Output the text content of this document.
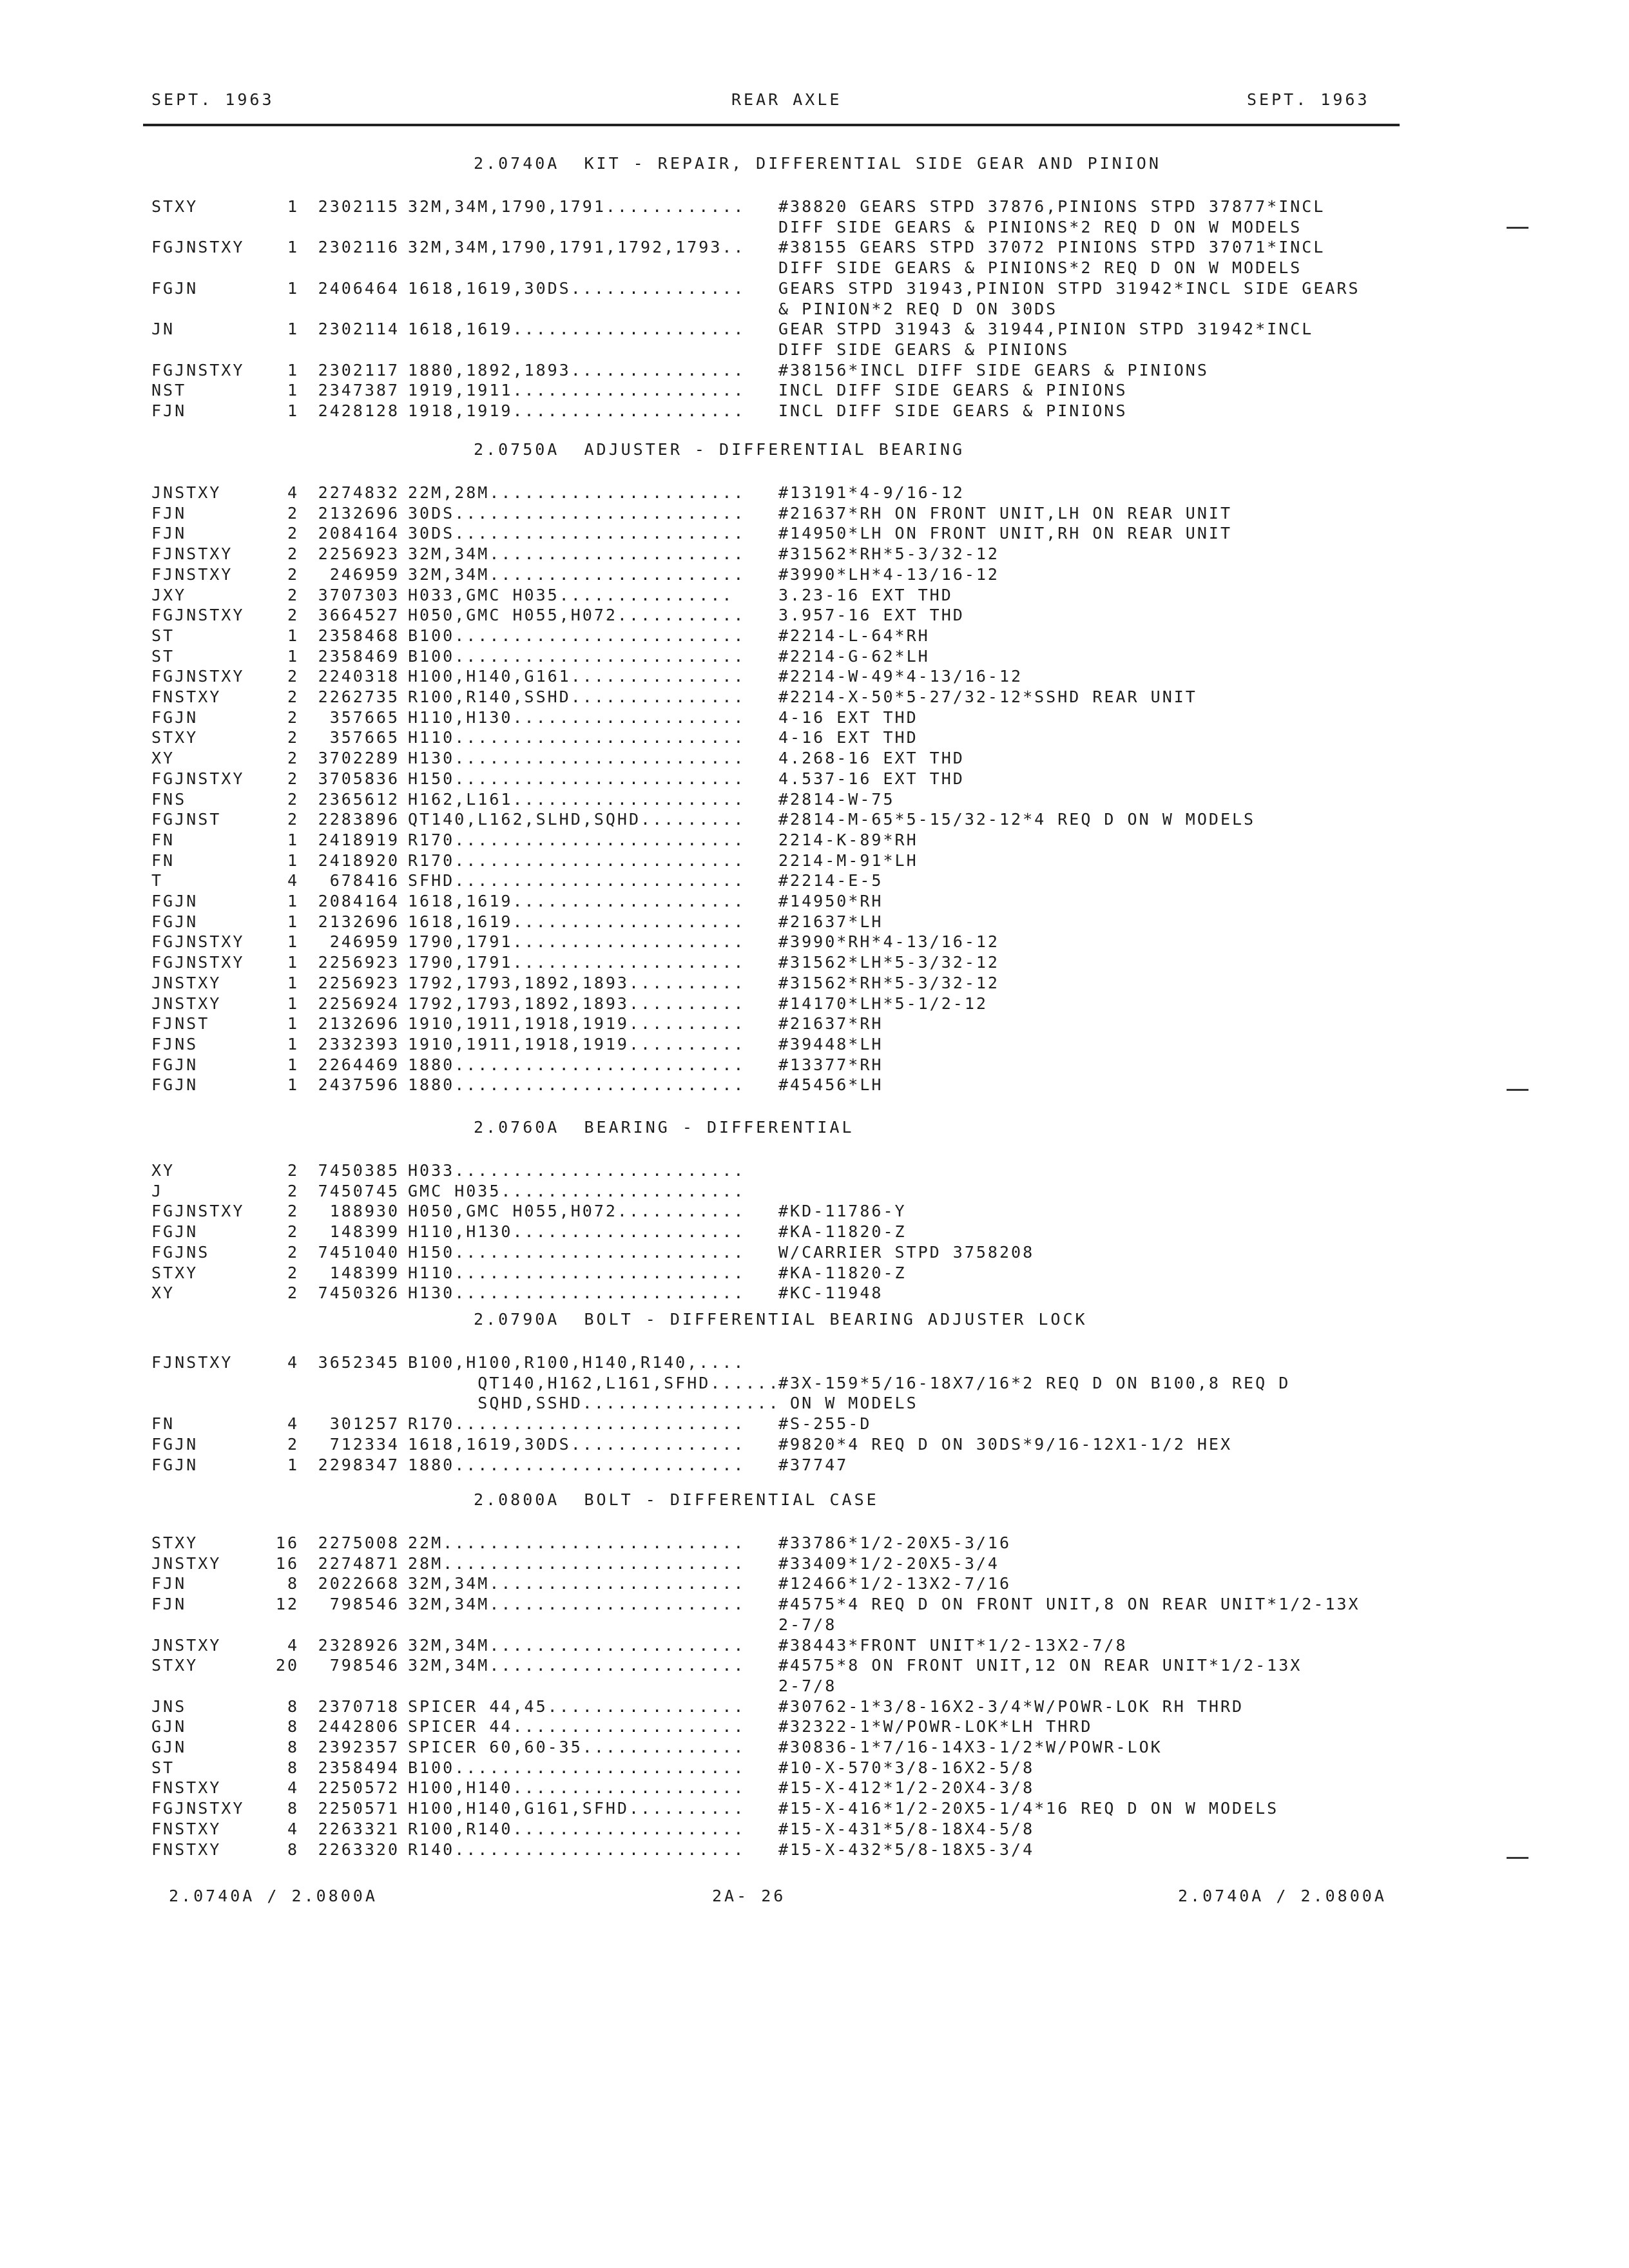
SEPT. 1963	REAR AXLE	SEPT. 1963
2.0740A  KIT - REPAIR, DIFFERENTIAL SIDE GEAR AND PINION
STXY	1	2302115 32M,34M,1790,1791............ #38820 GEARS STPD 37876,PINIONS STPD 37877*INCL
DIFF SIDE GEARS & PINIONS*2 REQ D ON W MODELS
FGJNSTXY	1	2302116 32M,34M,1790,1791,1792,1793.. #38155 GEARS STPD 37072 PINIONS STPD 37071*INCL
DIFF SIDE GEARS & PINIONS*2 REQ D ON W MODELS
FGJN	1	2406464 1618,1619,30DS............... GEARS STPD 31943,PINION STPD 31942*INCL SIDE GEARS
& PINION*2 REQ D ON 30DS
JN	1	2302114 1618,1619.................... GEAR STPD 31943 & 31944,PINION STPD 31942*INCL
DIFF SIDE GEARS & PINIONS
FGJNSTXY	1	2302117 1880,1892,1893............... #38156*INCL DIFF SIDE GEARS & PINIONS
NST	1	2347387 1919,1911.................... INCL DIFF SIDE GEARS & PINIONS
FJN	1	2428128 1918,1919.................... INCL DIFF SIDE GEARS & PINIONS
2.0750A  ADJUSTER - DIFFERENTIAL BEARING
JNSTXY	4	2274832 22M,28M...................... #13191*4-9/16-12
FJN	2	2132696 30DS......................... #21637*RH ON FRONT UNIT,LH ON REAR UNIT
FJN	2	2084164 30DS......................... #14950*LH ON FRONT UNIT,RH ON REAR UNIT
FJNSTXY	2	2256923 32M,34M...................... #31562*RH*5-3/32-12
FJNSTXY	2	246959 32M,34M...................... #3990*LH*4-13/16-12
JXY	2	3707303 H033,GMC H035...............	3.23-16 EXT THD
FGJNSTXY	2	3664527 H050,GMC H055,H072........... 3.957-16 EXT THD
ST	1	2358468 B100......................... #2214-L-64*RH
ST	1	2358469 B100......................... #2214-G-62*LH
FGJNSTXY	2	2240318 H100,H140,G161............... #2214-W-49*4-13/16-12
FNSTXY	2	2262735 R100,R140,SSHD............... #2214-X-50*5-27/32-12*SSHD REAR UNIT
FGJN	2	357665 H110,H130.................... 4-16 EXT THD
STXY	2	357665 H110......................... 4-16 EXT THD
XY	2	3702289 H130......................... 4.268-16 EXT THD
FGJNSTXY	2	3705836 H150......................... 4.537-16 EXT THD
FNS	2	2365612 H162,L161.................... #2814-W-75
FGJNST	2	2283896 QT140,L162,SLHD,SQHD......... #2814-M-65*5-15/32-12*4 REQ D ON W MODELS
FN	1	2418919 R170......................... 2214-K-89*RH
FN	1	2418920 R170......................... 2214-M-91*LH
T	4	678416 SFHD......................... #2214-E-5
FGJN	1	2084164 1618,1619.................... #14950*RH
FGJN	1	2132696 1618,1619.................... #21637*LH
FGJNSTXY	1	246959 1790,1791.................... #3990*RH*4-13/16-12
FGJNSTXY	1	2256923 1790,1791.................... #31562*LH*5-3/32-12
JNSTXY	1	2256923 1792,1793,1892,1893.......... #31562*RH*5-3/32-12
JNSTXY	1	2256924 1792,1793,1892,1893.......... #14170*LH*5-1/2-12
FJNST	1	2132696 1910,1911,1918,1919.......... #21637*RH
FJNS	1	2332393 1910,1911,1918,1919.......... #39448*LH
FGJN	1	2264469 1880......................... #13377*RH
FGJN	1	2437596 1880......................... #45456*LH
2.0760A  BEARING - DIFFERENTIAL
XY	2	7450385 H033.........................
J	2	7450745 GMC H035.....................
FGJNSTXY	2	188930 H050,GMC H055,H072........... #KD-11786-Y
FGJN	2	148399 H110,H130.................... #KA-11820-Z
FGJNS	2	7451040 H150......................... W/CARRIER STPD 3758208
STXY	2	148399 H110......................... #KA-11820-Z
XY	2	7450326 H130......................... #KC-11948
2.0790A  BOLT - DIFFERENTIAL BEARING ADJUSTER LOCK
FJNSTXY	4	3652345 B100,H100,R100,H140,R140,....
QT140,H162,L161,SFHD......
#3X-159*5/16-18X7/16*2 REQ D ON B100,8 REQ D
SQHD,SSHD.................
ON W MODELS
FN	4	301257 R170......................... #S-255-D
FGJN	2	712334 1618,1619,30DS............... #9820*4 REQ D ON 30DS*9/16-12X1-1/2 HEX
FGJN	1	2298347 1880......................... #37747
2.0800A  BOLT - DIFFERENTIAL CASE
STXY	16	2275008 22M.......................... #33786*1/2-20X5-3/16
JNSTXY	16	2274871 28M.......................... #33409*1/2-20X5-3/4
FJN	8	2022668 32M,34M...................... #12466*1/2-13X2-7/16
FJN	12	798546 32M,34M...................... #4575*4 REQ D ON FRONT UNIT,8 ON REAR UNIT*1/2-13X
2-7/8
JNSTXY	4	2328926 32M,34M...................... #38443*FRONT UNIT*1/2-13X2-7/8
STXY	20	798546 32M,34M...................... #4575*8 ON FRONT UNIT,12 ON REAR UNIT*1/2-13X
2-7/8
JNS	8	2370718 SPICER 44,45................. #30762-1*3/8-16X2-3/4*W/POWR-LOK RH THRD
GJN	8	2442806 SPICER 44.................... #32322-1*W/POWR-LOK*LH THRD
GJN	8	2392357 SPICER 60,60-35.............. #30836-1*7/16-14X3-1/2*W/POWR-LOK
ST	8	2358494 B100......................... #10-X-570*3/8-16X2-5/8
FNSTXY	4	2250572 H100,H140.................... #15-X-412*1/2-20X4-3/8
FGJNSTXY	8	2250571 H100,H140,G161,SFHD.......... #15-X-416*1/2-20X5-1/4*16 REQ D ON W MODELS
FNSTXY	4	2263321 R100,R140.................... #15-X-431*5/8-18X4-5/8
FNSTXY	8	2263320 R140......................... #15-X-432*5/8-18X5-3/4
2.0740A / 2.0800A	2A- 26	2.0740A / 2.0800A
